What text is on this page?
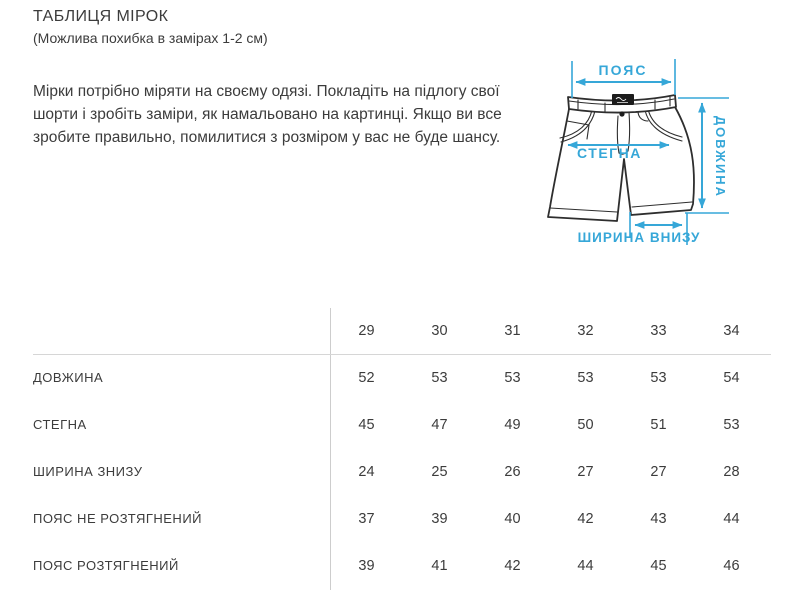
ТАБЛИЦЯ МІРОК

(Можлива похибка в замірах 1-2 см)

Мірки потрібно міряти на своєму одязі. Покладіть на підлогу свої шорти і зробіть заміри, як намальовано на картинці. Якщо ви все зробите правильно, помилитися з розміром у вас не буде шансу.

ПОЯС
СТЕГНА	ДОВЖИНА
ШИРИНА ВНИЗУ
29	30	31	32	33	34
ДОВЖИНА	52	53	53	53	53	54
СТЕГНА	45	47	49	50	51	53
ШИРИНА ЗНИЗУ	24	25	26	27	27	28
ПОЯС НЕ РОЗТЯГНЕНИЙ	37	39	40	42	43	44
ПОЯС РОЗТЯГНЕНИЙ	39	41	42	44	45	46
